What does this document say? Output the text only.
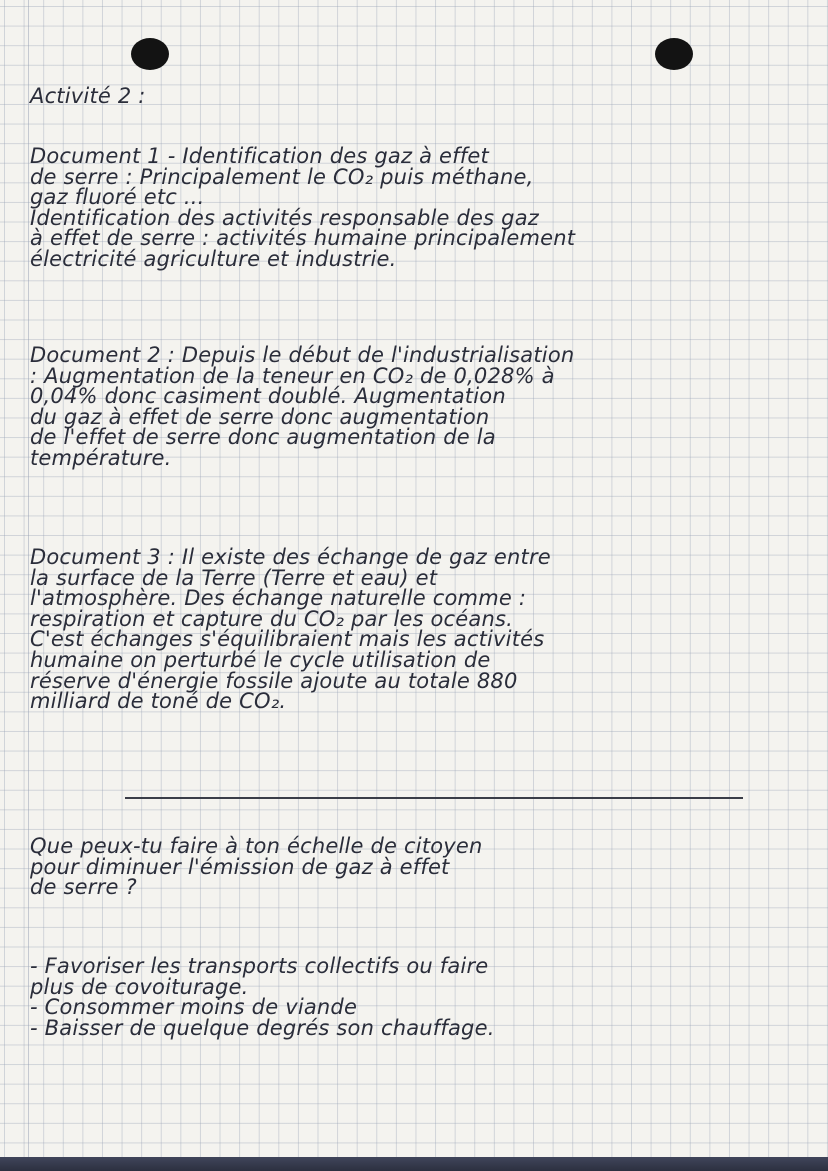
Activité 2 :
Document 1 - Identification des gaz à effet
de serre : Principalement le CO₂ puis méthane,
gaz fluoré etc ...
Identification des activités responsable des gaz
à effet de serre : activités humaine principalement
électricité agriculture et industrie.
Document 2 : Depuis le début de l'industrialisation
: Augmentation de la teneur en CO₂ de 0,028% à
0,04% donc casiment doublé. Augmentation
du gaz à effet de serre donc augmentation
de l'effet de serre donc augmentation de la
température.
Document 3 : Il existe des échange de gaz entre
la surface de la Terre (Terre et eau) et
l'atmosphère. Des échange naturelle comme :
respiration et capture du CO₂ par les océans.
C'est échanges s'équilibraient mais les activités
humaine on perturbé le cycle utilisation de
réserve d'énergie fossile ajoute au totale 880
milliard de toné de CO₂.
Que peux-tu faire à ton échelle de citoyen
pour diminuer l'émission de gaz à effet
de serre ?
- Favoriser les transports collectifs ou faire
plus de covoiturage.
- Consommer moins de viande
- Baisser de quelque degrés son chauffage.
